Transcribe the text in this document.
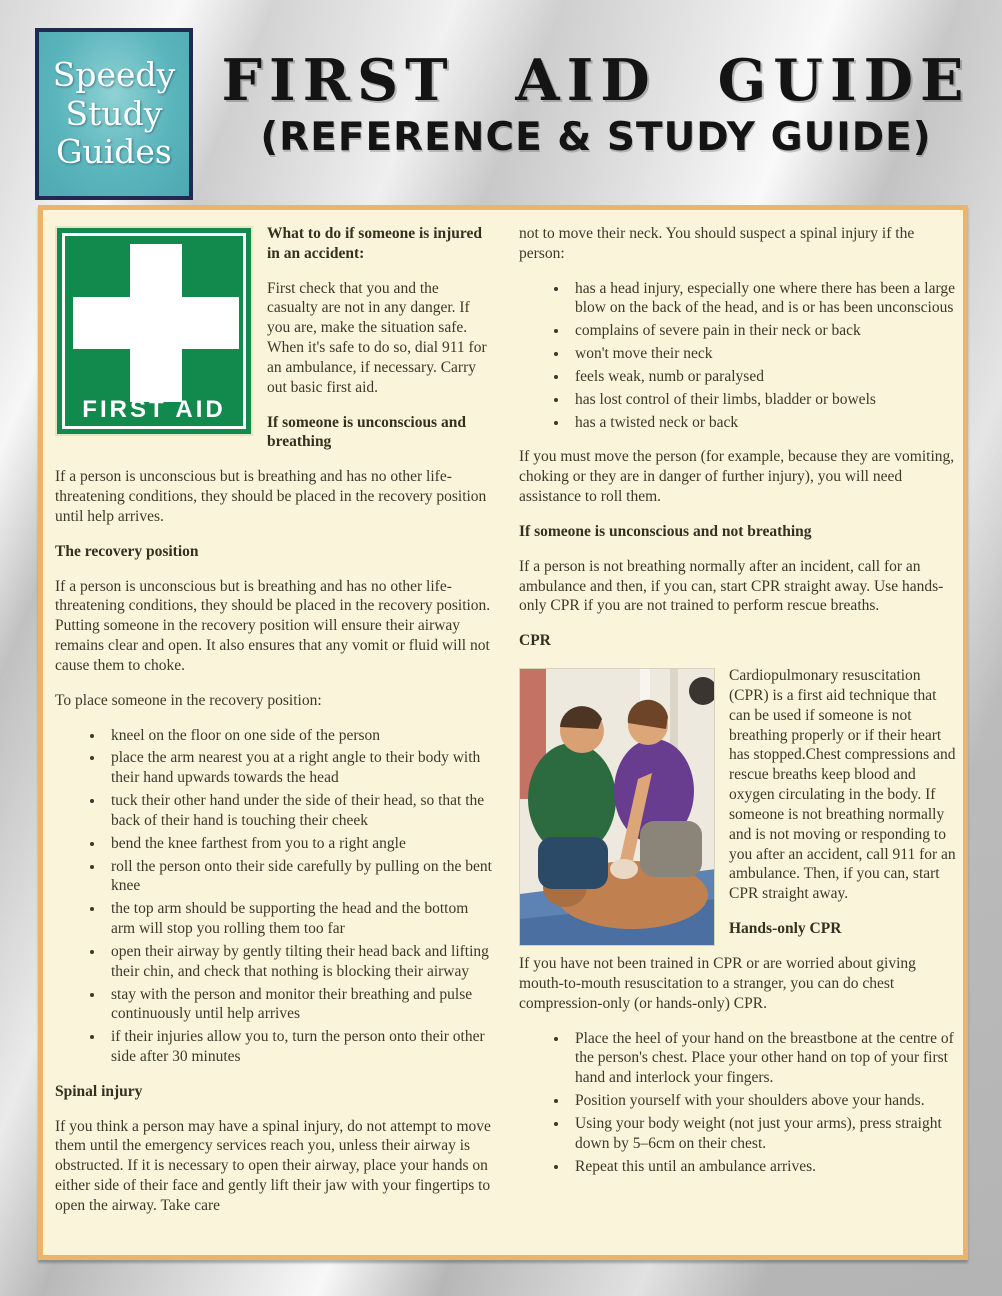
Speedy
Study
Guides
FIRST AID GUIDE
(REFERENCE & STUDY GUIDE)
FIRST AID

What to do if someone is injured in an accident:

First check that you and the casualty are not in any danger. If you are, make the situation safe. When it's safe to do so, dial 911 for an ambulance, if necessary. Carry out basic first aid.

If someone is unconscious and breathing

If a person is unconscious but is breathing and has no other life-threatening conditions, they should be placed in the recovery position until help arrives.

The recovery position

If a person is unconscious but is breathing and has no other life-threatening conditions, they should be placed in the recovery position. Putting someone in the recovery position will ensure their airway remains clear and open. It also ensures that any vomit or fluid will not cause them to choke.

To place someone in the recovery position:

• kneel on the floor on one side of the person
• place the arm nearest you at a right angle to their body with their hand upwards towards the head
• tuck their other hand under the side of their head, so that the back of their hand is touching their cheek
• bend the knee farthest from you to a right angle
• roll the person onto their side carefully by pulling on the bent knee
• the top arm should be supporting the head and the bottom arm will stop you rolling them too far
• open their airway by gently tilting their head back and lifting their chin, and check that nothing is blocking their airway
• stay with the person and monitor their breathing and pulse continuously until help arrives
• if their injuries allow you to, turn the person onto their other side after 30 minutes

Spinal injury

If you think a person may have a spinal injury, do not attempt to move them until the emergency services reach you, unless their airway is obstructed. If it is necessary to open their airway, place your hands on either side of their face and gently lift their jaw with your fingertips to open the airway. Take care

not to move their neck. You should suspect a spinal injury if the person:

• has a head injury, especially one where there has been a large blow on the back of the head, and is or has been unconscious
• complains of severe pain in their neck or back
• won't move their neck
• feels weak, numb or paralysed
• has lost control of their limbs, bladder or bowels
• has a twisted neck or back

If you must move the person (for example, because they are vomiting, choking or they are in danger of further injury), you will need assistance to roll them.

If someone is unconscious and not breathing

If a person is not breathing normally after an incident, call for an ambulance and then, if you can, start CPR straight away. Use hands-only CPR if you are not trained to perform rescue breaths.

CPR

Cardiopulmonary resuscitation (CPR) is a first aid technique that can be used if someone is not breathing properly or if their heart has stopped.Chest compressions and rescue breaths keep blood and oxygen circulating in the body. If someone is not breathing normally and is not moving or responding to you after an accident, call 911 for an ambulance. Then, if you can, start CPR straight away.

Hands-only CPR

If you have not been trained in CPR or are worried about giving mouth-to-mouth resuscitation to a stranger, you can do chest compression-only (or hands-only) CPR.

• Place the heel of your hand on the breastbone at the centre of the person's chest. Place your other hand on top of your first hand and interlock your fingers.
• Position yourself with your shoulders above your hands.
• Using your body weight (not just your arms), press straight down by 5–6cm on their chest.
• Repeat this until an ambulance arrives.
